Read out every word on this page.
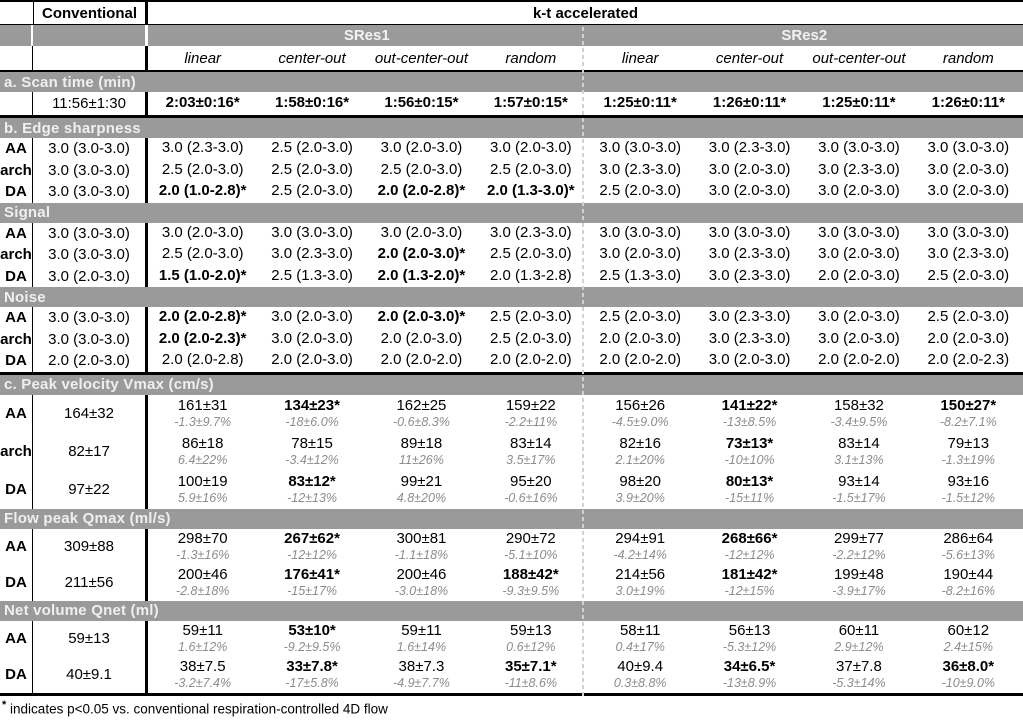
Conventional	k-t accelerated
SRes1	SRes2
linear	center-out	out-center-out	random	linear	center-out	out-center-out	random
a. Scan time (min)
11:56±1:30	2:03±0:16* 1:58±0:16* 1:56±0:15* 1:57±0:15* 1:25±0:11* 1:26±0:11* 1:25±0:11* 1:26±0:11*
b. Edge sharpness
AA	3.0 (3.0-3.0)	3.0 (2.3-3.0) 2.5 (2.0-3.0) 3.0 (2.0-3.0) 3.0 (2.0-3.0) 3.0 (3.0-3.0) 3.0 (2.3-3.0) 3.0 (3.0-3.0) 3.0 (3.0-3.0)
arch	3.0 (3.0-3.0)	2.5 (2.0-3.0) 2.5 (2.0-3.0) 2.5 (2.0-3.0) 2.5 (2.0-3.0) 3.0 (2.3-3.0) 3.0 (2.0-3.0) 3.0 (2.3-3.0) 3.0 (2.0-3.0)
DA	3.0 (3.0-3.0)	2.0 (1.0-2.8)* 2.5 (2.0-3.0) 2.0 (2.0-2.8)* 2.0 (1.3-3.0)* 2.5 (2.0-3.0) 3.0 (2.0-3.0) 3.0 (2.0-3.0) 3.0 (2.0-3.0)
Signal
AA	3.0 (3.0-3.0)	3.0 (2.0-3.0) 3.0 (3.0-3.0) 3.0 (2.0-3.0) 3.0 (2.3-3.0) 3.0 (3.0-3.0) 3.0 (3.0-3.0) 3.0 (3.0-3.0) 3.0 (3.0-3.0)
arch	3.0 (3.0-3.0)	2.5 (2.0-3.0) 3.0 (2.3-3.0) 2.0 (2.0-3.0)* 2.5 (2.0-3.0) 3.0 (2.0-3.0) 3.0 (2.3-3.0) 3.0 (2.0-3.0) 3.0 (2.3-3.0)
DA	3.0 (2.0-3.0)	1.5 (1.0-2.0)* 2.5 (1.3-3.0) 2.0 (1.3-2.0)* 2.0 (1.3-2.8) 2.5 (1.3-3.0) 3.0 (2.3-3.0) 2.0 (2.0-3.0) 2.5 (2.0-3.0)
Noise
AA	3.0 (3.0-3.0)	2.0 (2.0-2.8)* 3.0 (2.0-3.0) 2.0 (2.0-3.0)* 2.5 (2.0-3.0) 2.5 (2.0-3.0) 3.0 (2.3-3.0) 3.0 (2.0-3.0) 2.5 (2.0-3.0)
arch	3.0 (3.0-3.0)	2.0 (2.0-2.3)* 3.0 (2.0-3.0) 2.0 (2.0-3.0) 2.5 (2.0-3.0) 2.0 (2.0-3.0) 3.0 (2.3-3.0) 3.0 (2.0-3.0) 2.0 (2.0-3.0)
DA	2.0 (2.0-3.0)	2.0 (2.0-2.8) 2.0 (2.0-3.0) 2.0 (2.0-2.0) 2.0 (2.0-2.0) 2.0 (2.0-2.0) 3.0 (2.0-3.0) 2.0 (2.0-2.0) 2.0 (2.0-2.3)
c. Peak velocity Vmax (cm/s)
AA	164±32	161±31
-1.3±9.7%
134±23*
-18±6.0%
162±25
-0.6±8.3%
159±22
-2.2±11%
156±26
-4.5±9.0%
141±22*
-13±8.5%
158±32
-3.4±9.5%
150±27*
-8.2±7.1%
arch	82±17	86±18
6.4±22%
78±15
-3.4±12%
89±18
11±26%
83±14
3.5±17%
82±16
2.1±20%
73±13*
-10±10%
83±14
3.1±13%
79±13
-1.3±19%
DA	97±22	100±19
5.9±16%
83±12*
-12±13%
99±21
4.8±20%
95±20
-0.6±16%
98±20
3.9±20%
80±13*
-15±11%
93±14
-1.5±17%
93±16
-1.5±12%
Flow peak Qmax (ml/s)
AA	309±88	298±70
-1.3±16%
267±62*
-12±12%
300±81
-1.1±18%
290±72
-5.1±10%
294±91
-4.2±14%
268±66*
-12±12%
299±77
-2.2±12%
286±64
-5.6±13%
DA	211±56	200±46
-2.8±18%
176±41*
-15±17%
200±46
-3.0±18%
188±42*
-9.3±9.5%
214±56
3.0±19%
181±42*
-12±15%
199±48
-3.9±17%
190±44
-8.2±16%
Net volume Qnet (ml)
AA	59±13	59±11
1.6±12%
53±10*
-9.2±9.5%
59±11
1.6±14%
59±13
0.6±12%
58±11
0.4±17%
56±13
-5.3±12%
60±11
2.9±12%
60±12
2.4±15%
DA	40±9.1	38±7.5
-3.2±7.4%
33±7.8*
-17±5.8%
38±7.3
-4.9±7.7%
35±7.1*
-11±8.6%
40±9.4
0.3±8.8%
34±6.5*
-13±8.9%
37±7.8
-5.3±14%
36±8.0*
-10±9.0%
* indicates p<0.05 vs. conventional respiration-controlled 4D flow
